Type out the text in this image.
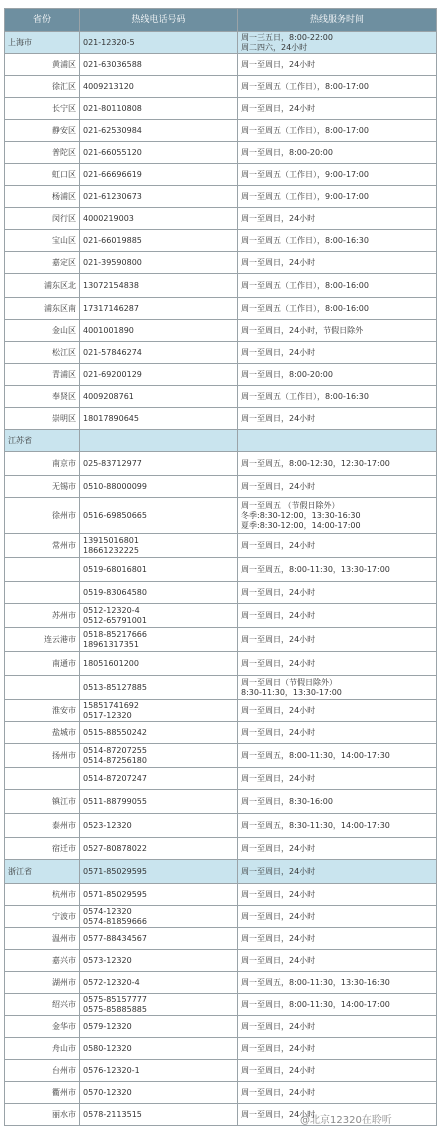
省份	热线电话号码	热线服务时间
上海市	021-12320-5	周一三五日，8:00-22:00
周二四六，24小时
黄浦区	021-63036588	周一至周日，24小时
徐汇区	4009213120	周一至周五（工作日），8:00-17:00
长宁区	021-80110808	周一至周日，24小时
静安区	021-62530984	周一至周五（工作日），8:00-17:00
普陀区	021-66055120	周一至周日，8:00-20:00
虹口区	021-66696619	周一至周五（工作日），9:00-17:00
杨浦区	021-61230673	周一至周五（工作日），9:00-17:00
闵行区	4000219003	周一至周日，24小时
宝山区	021-66019885	周一至周五（工作日），8:00-16:30
嘉定区	021-39590800	周一至周日，24小时
浦东区北	13072154838	周一至周五（工作日），8:00-16:00
浦东区南	17317146287	周一至周五（工作日），8:00-16:00
金山区	4001001890	周一至周日，24小时，节假日除外
松江区	021-57846274	周一至周日，24小时
青浦区	021-69200129	周一至周日，8:00-20:00
奉贤区	4009208761	周一至周五（工作日），8:00-16:30
崇明区	18017890645	周一至周日，24小时
江苏省		
南京市	025-83712977	周一至周五，8:00-12:30，12:30-17:00
无锡市	0510-88000099	周一至周日，24小时
徐州市	0516-69850665	周一至周五 （节假日除外）
冬季:8:30-12:00，13:30-16:30
夏季:8:30-12:00，14:00-17:00
常州市	13915016801
18661232225	周一至周日，24小时
	0519-68016801	周一至周五，8:00-11:30，13:30-17:00
	0519-83064580	周一至周日，24小时
苏州市	0512-12320-4
0512-65791001	周一至周日，24小时
连云港市	0518-85217666
18961317351	周一至周日，24小时
南通市	18051601200	周一至周日，24小时
	0513-85127885	周一至周日（节假日除外）
8:30-11:30，13:30-17:00
淮安市	15851741692
0517-12320	周一至周日，24小时
盐城市	0515-88550242	周一至周日，24小时
扬州市	0514-87207255
0514-87256180	周一至周五，8:00-11:30，14:00-17:30
	0514-87207247	周一至周日，24小时
镇江市	0511-88799055	周一至周日，8:30-16:00
泰州市	0523-12320	周一至周五，8:30-11:30，14:00-17:30
宿迁市	0527-80878022	周一至周日，24小时
浙江省	0571-85029595	周一至周日，24小时
杭州市	0571-85029595	周一至周日，24小时
宁波市	0574-12320
0574-81859666	周一至周日，24小时
温州市	0577-88434567	周一至周日，24小时
嘉兴市	0573-12320	周一至周日，24小时
湖州市	0572-12320-4	周一至周五，8:00-11:30，13:30-16:30
绍兴市	0575-85157777
0575-85885885	周一至周日，8:00-11:30，14:00-17:00
金华市	0579-12320	周一至周日，24小时
舟山市	0580-12320	周一至周日，24小时
台州市	0576-12320-1	周一至周日，24小时
衢州市	0570-12320	周一至周日，24小时
丽水市	0578-2113515	周一至周日，24小时
@北京12320在聆听
